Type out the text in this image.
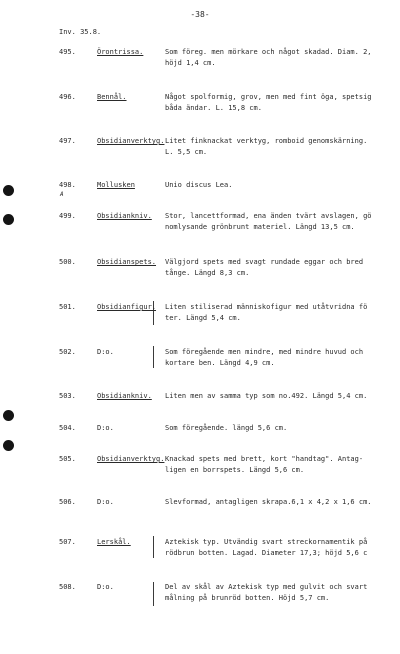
-38-
Inv. 35.8.
495.	Örontrissa.	Som föreg. men mörkare och något skadad. Diam. 2,
höjd 1,4 cm.
496.	Bennål.	Något spolformig, grov, men med fint öga, spetsig
båda ändar. L. 15,8 cm.
497.	Obsidianverktyg. Litet finknackat verktyg, romboid genomskärning.
L. 5,5 cm.
498.	Mollusken	Unio discus Lea.
A
499.	Obsidiankniv. Stor, lancettformad, ena änden tvärt avslagen, gö
nomlysande grönbrunt materiel. Längd 13,5 cm.
500.	Obsidianspets. Välgjord spets med svagt rundade eggar och bred
tånge. Längd 8,3 cm.
501.	Obsidianfigur. Liten stiliserad människofigur med utåtvridna fö
ter. Längd 5,4 cm.
502.	D:o.	Som föregående men mindre, med mindre huvud och
kortare ben. Längd 4,9 cm.
503.	Obsidiankniv. Liten men av samma typ som no.492. Längd 5,4 cm.
504.	D:o.	Som föregående. längd 5,6 cm.
505.	Obsidianverktyg. Knackad spets med brett, kort "handtag". Antag-
ligen en borrspets. Längd 5,6 cm.
506.	D:o.	Slevformad, antagligen skrapa.6,1 x 4,2 x 1,6 cm.
507.	Lerskål.	Aztekisk typ. Utvändig svart streckornamentik på
rödbrun botten. Lagad. Diameter 17,3; höjd 5,6 c
508.	D:o.	Del av skål av Aztekisk typ med gulvit och svart
målning på brunröd botten. Höjd 5,7 cm.
